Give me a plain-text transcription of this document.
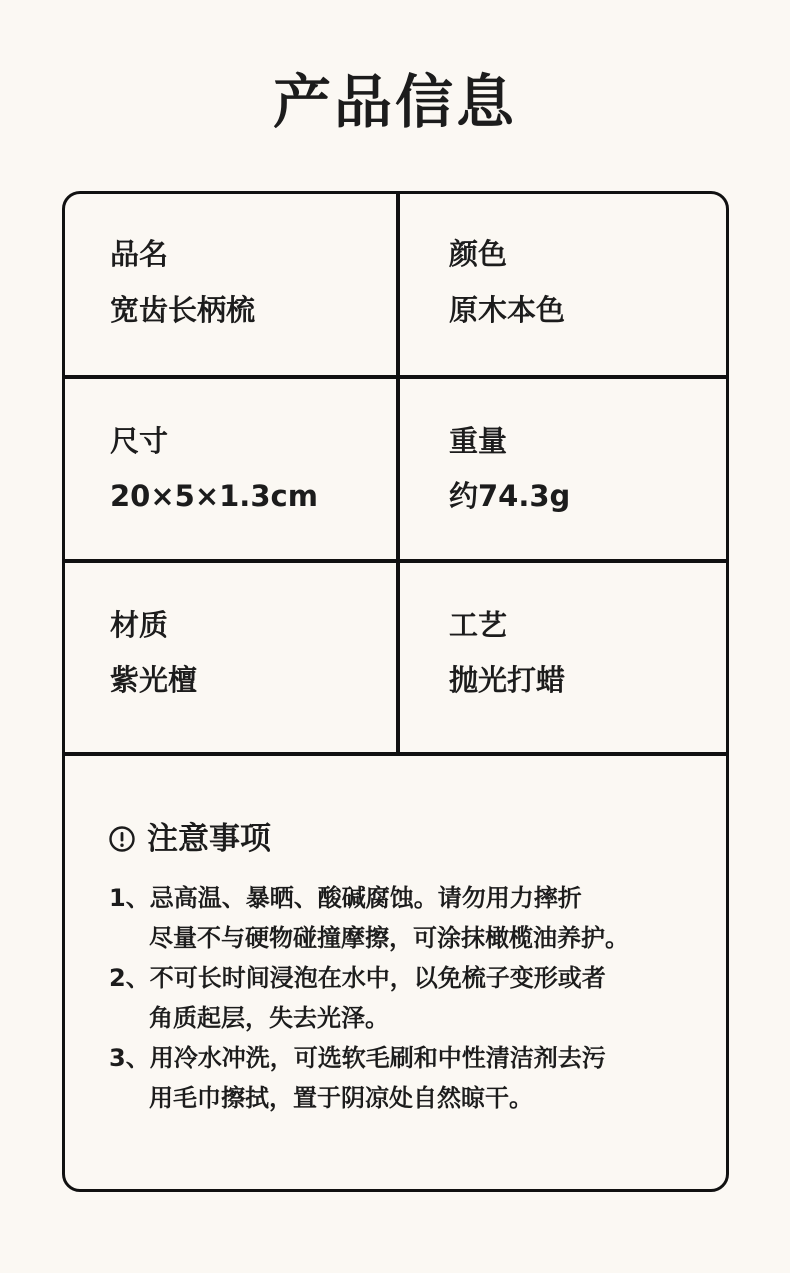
产品信息
品名
宽齿长柄梳
颜色
原木本色
尺寸
20×5×1.3cm
重量
约74.3g
材质
紫光檀
工艺
抛光打蜡
注意事项
1、忌高温、暴晒、酸碱腐蚀。请勿用力摔折
尽量不与硬物碰撞摩擦，可涂抹橄榄油养护。
2、不可长时间浸泡在水中，以免梳子变形或者
角质起层，失去光泽。
3、用冷水冲洗，可选软毛刷和中性清洁剂去污
用毛巾擦拭，置于阴凉处自然晾干。
